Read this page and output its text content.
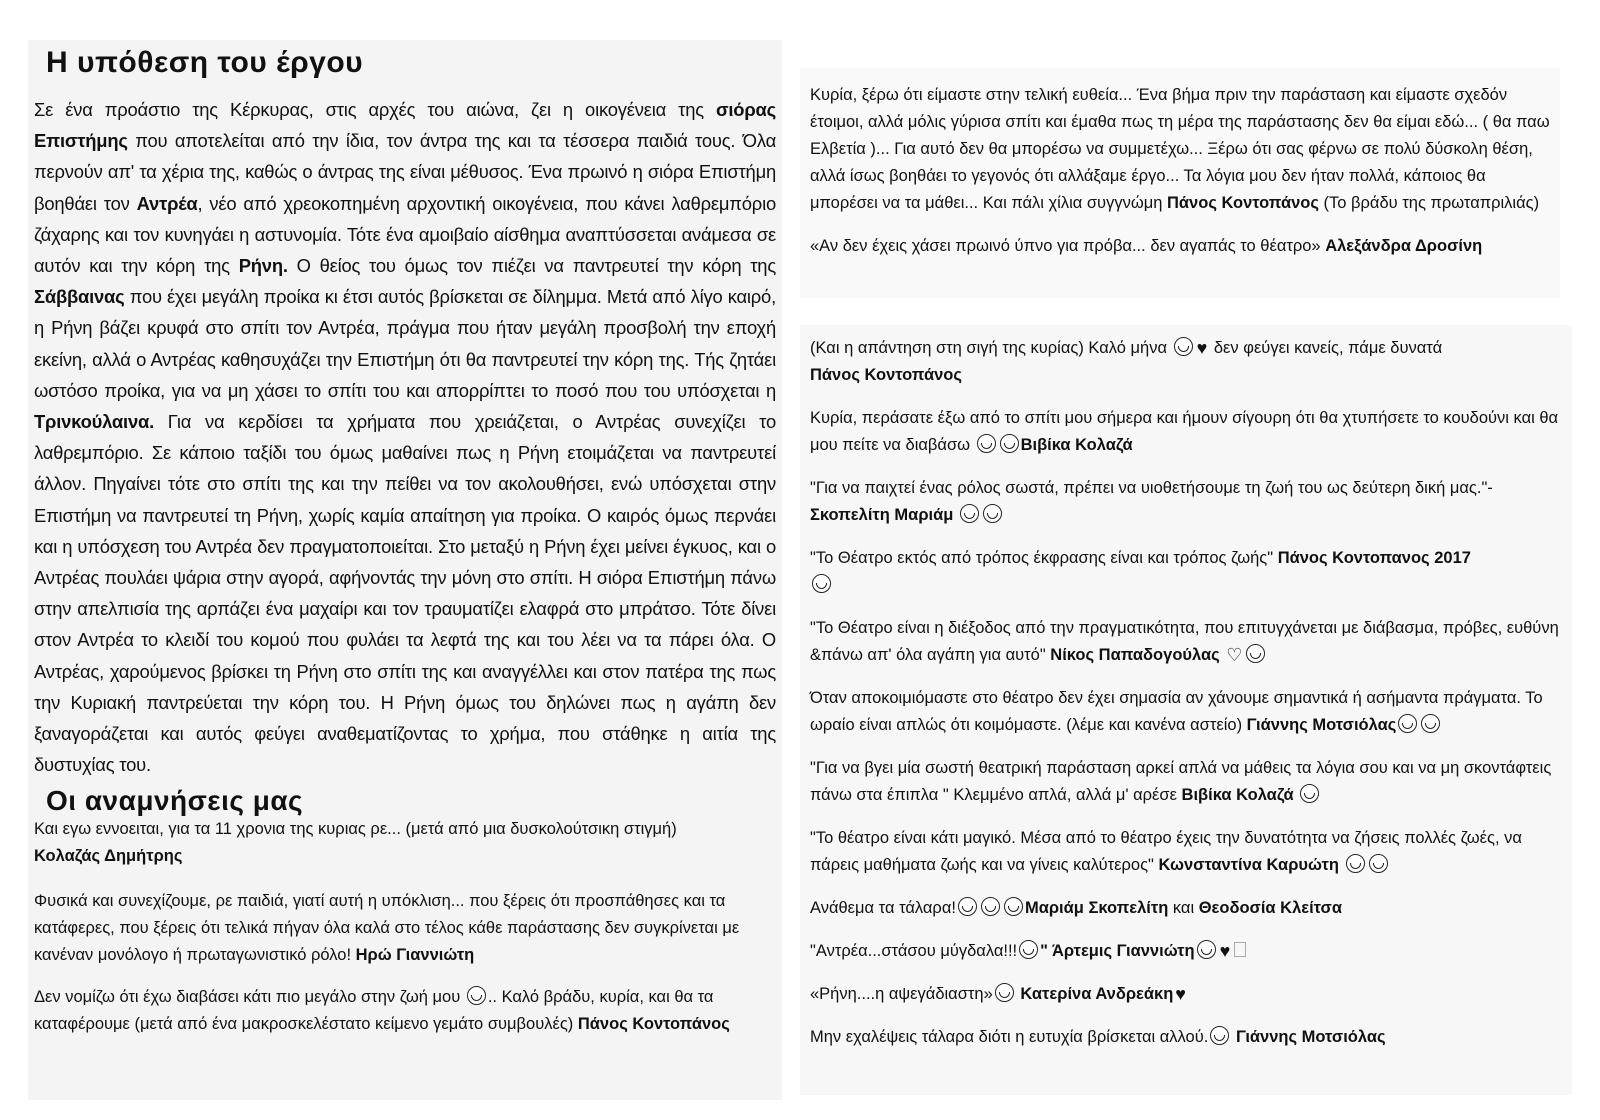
Η υπόθεση του έργου
Σε ένα προάστιο της Κέρκυρας, στις αρχές του αιώνα, ζει η οικογένεια της σιόρας Επιστήμης που αποτελείται από την ίδια, τον άντρα της και τα τέσσερα παιδιά τους. Όλα περνούν απ' τα χέρια της, καθώς ο άντρας της είναι μέθυσος. Ένα πρωινό η σιόρα Επιστήμη βοηθάει τον Αντρέα, νέο από χρεοκοπημένη αρχοντική οικογένεια, που κάνει λαθρεμπόριο ζάχαρης και τον κυνηγάει η αστυνομία. Τότε ένα αμοιβαίο αίσθημα αναπτύσσεται ανάμεσα σε αυτόν και την κόρη της Ρήνη. Ο θείος του όμως τον πιέζει να παντρευτεί την κόρη της Σάββαινας που έχει μεγάλη προίκα κι έτσι αυτός βρίσκεται σε δίλημμα. Μετά από λίγο καιρό, η Ρήνη βάζει κρυφά στο σπίτι τον Αντρέα, πράγμα που ήταν μεγάλη προσβολή την εποχή εκείνη, αλλά ο Αντρέας καθησυχάζει την Επιστήμη ότι θα παντρευτεί την κόρη της. Τής ζητάει ωστόσο προίκα, για να μη χάσει το σπίτι του και απορρίπτει το ποσό που του υπόσχεται η Τρινκούλαινα. Για να κερδίσει τα χρήματα που χρειάζεται, ο Αντρέας συνεχίζει το λαθρεμπόριο. Σε κάποιο ταξίδι του όμως μαθαίνει πως η Ρήνη ετοιμάζεται να παντρευτεί άλλον. Πηγαίνει τότε στο σπίτι της και την πείθει να τον ακολουθήσει, ενώ υπόσχεται στην Επιστήμη να παντρευτεί τη Ρήνη, χωρίς καμία απαίτηση για προίκα. Ο καιρός όμως περνάει και η υπόσχεση του Αντρέα δεν πραγματοποιείται. Στο μεταξύ η Ρήνη έχει μείνει έγκυος, και ο Αντρέας πουλάει ψάρια στην αγορά, αφήνοντάς την μόνη στο σπίτι. Η σιόρα Επιστήμη πάνω στην απελπισία της αρπάζει ένα μαχαίρι και τον τραυματίζει ελαφρά στο μπράτσο. Τότε δίνει στον Αντρέα το κλειδί του κομού που φυλάει τα λεφτά της και του λέει να τα πάρει όλα. Ο Αντρέας, χαρούμενος βρίσκει τη Ρήνη στο σπίτι της και αναγγέλλει και στον πατέρα της πως την Κυριακή παντρεύεται την κόρη του. Η Ρήνη όμως του δηλώνει πως η αγάπη δεν ξαναγοράζεται και αυτός φεύγει αναθεματίζοντας το χρήμα, που στάθηκε η αιτία της δυστυχίας του.
Οι αναμνήσεις μας
Και εγω εννοειται, για τα 11 χρονια της κυριας ρε... (μετά από μια δυσκολούτσικη στιγμή)
Κολαζάς Δημήτρης
Φυσικά και συνεχίζουμε, ρε παιδιά, γιατί αυτή η υπόκλιση... που ξέρεις ότι προσπάθησες και τα κατάφερες, που ξέρεις ότι τελικά πήγαν όλα καλά στο τέλος κάθε παράστασης δεν συγκρίνεται με κανέναν μονόλογο ή πρωταγωνιστικό ρόλο! Ηρώ Γιαννιώτη
Δεν νομίζω ότι έχω διαβάσει κάτι πιο μεγάλο στην ζωή μου .. Καλό βράδυ, κυρία, και θα τα καταφέρουμε (μετά από ένα μακροσκελέστατο κείμενο γεμάτο συμβουλές) Πάνος Κοντοπάνος

Κυρία, ξέρω ότι είμαστε στην τελική ευθεία... Ένα βήμα πριν την παράσταση και είμαστε σχεδόν έτοιμοι, αλλά μόλις γύρισα σπίτι και έμαθα πως τη μέρα της παράστασης δεν θα είμαι εδώ... ( θα παω Ελβετία )... Για αυτό δεν θα μπορέσω να συμμετέχω... Ξέρω ότι σας φέρνω σε πολύ δύσκολη θέση, αλλά ίσως βοηθάει το γεγονός ότι αλλάξαμε έργο... Τα λόγια μου δεν ήταν πολλά, κάποιος θα μπορέσει να τα μάθει... Και πάλι χίλια συγγνώμη Πάνος Κοντοπάνος (Το βράδυ της πρωταπριλιάς)

«Αν δεν έχεις χάσει πρωινό ύπνο για πρόβα... δεν αγαπάς το θέατρο» Αλεξάνδρα Δροσίνη

(Και η απάντηση στη σιγή της κυρίας) Καλό μήνα ♥ δεν φεύγει κανείς, πάμε δυνατά
Πάνος Κοντοπάνος

Κυρία, περάσατε έξω από το σπίτι μου σήμερα και ήμουν σίγουρη ότι θα χτυπήσετε το κουδούνι και θα μου πείτε να διαβάσω	Βιβίκα Κολαζά

"Για να παιχτεί ένας ρόλος σωστά, πρέπει να υιοθετήσουμε τη ζωή του ως δεύτερη δική μας."- Σκοπελίτη Μαριάμ

"Το Θέατρο εκτός από τρόπος έκφρασης είναι και τρόπος ζωής" Πάνος Κοντοπανος 2017

"Το Θέατρο είναι η διέξοδος από την πραγματικότητα, που επιτυγχάνεται με διάβασμα, πρόβες, ευθύνη &πάνω απ' όλα αγάπη για αυτό" Νίκος Παπαδογούλας ♡

Όταν αποκοιμιόμαστε στο θέατρο δεν έχει σημασία αν χάνουμε σημαντικά ή ασήμαντα πράγματα. Το ωραίο είναι απλώς ότι κοιμόμαστε. (λέμε και κανένα αστείο) Γιάννης Μοτσιόλας

"Για να βγει μία σωστή θεατρική παράσταση αρκεί απλά να μάθεις τα λόγια σου και να μη σκοντάφτεις πάνω στα έπιπλα " Κλεμμένο απλά, αλλά μ' αρέσε Βιβίκα Κολαζά

"Το θέατρο είναι κάτι μαγικό. Μέσα από το θέατρο έχεις την δυνατότητα να ζήσεις πολλές ζωές, να πάρεις μαθήματα ζωής και να γίνεις καλύτερος" Κωνσταντίνα Καρυώτη

Ανάθεμα τα τάλαρα!	Μαριάμ Σκοπελίτη και Θεοδοσία Κλείτσα

"Αντρέα...στάσου μύγδαλα!!! " Άρτεμις Γιαννιώτη ♥

«Ρήνη....η αψεγάδιαστη» Κατερίνα Ανδρεάκη ♥

Μην εχαλέψεις τάλαρα διότι η ευτυχία βρίσκεται αλλού. Γιάννης Μοτσιόλας
